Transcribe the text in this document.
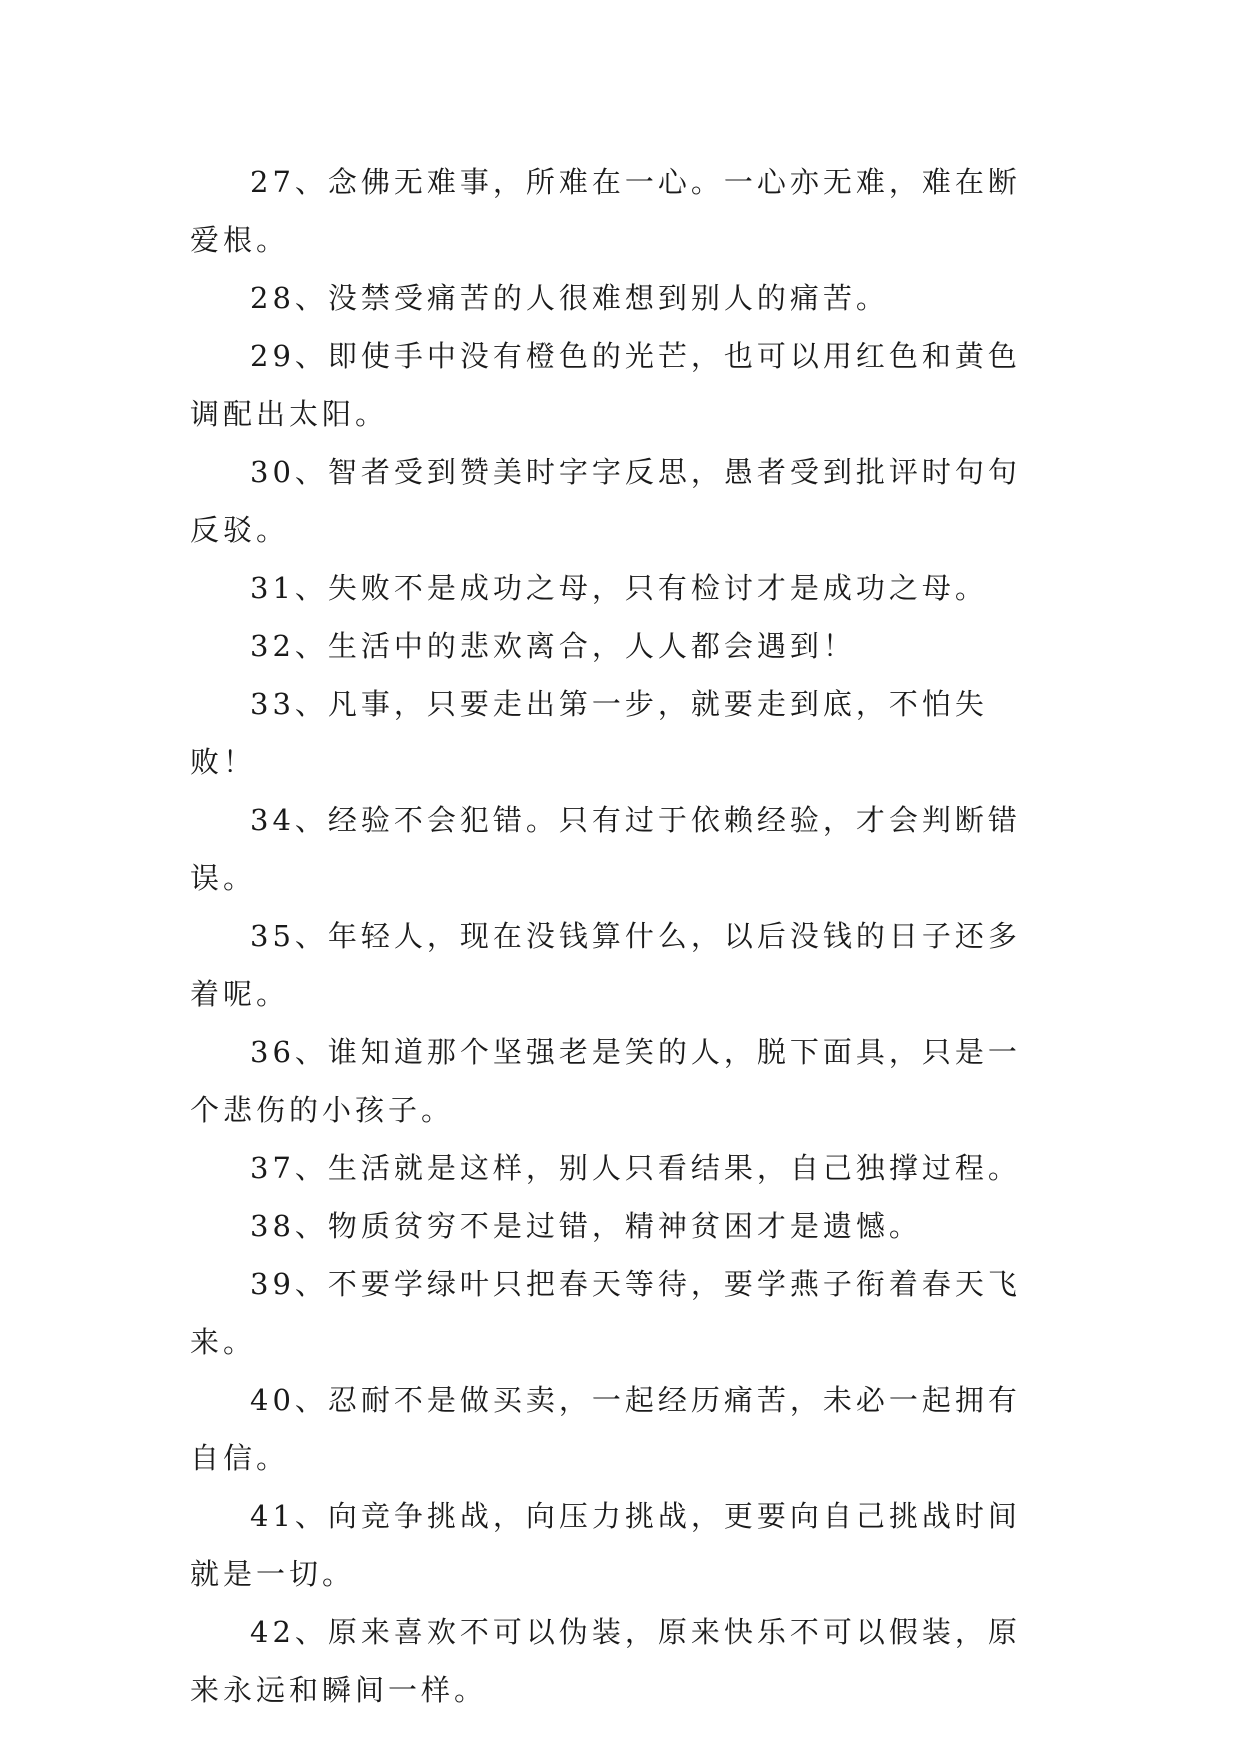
27、念佛无难事，所难在一心。一心亦无难，难在断爱根。

28、没禁受痛苦的人很难想到别人的痛苦。

29、即使手中没有橙色的光芒，也可以用红色和黄色调配出太阳。

30、智者受到赞美时字字反思，愚者受到批评时句句反驳。

31、失败不是成功之母，只有检讨才是成功之母。

32、生活中的悲欢离合，人人都会遇到！

33、凡事，只要走出第一步，就要走到底，不怕失败！

34、经验不会犯错。只有过于依赖经验，才会判断错误。

35、年轻人，现在没钱算什么，以后没钱的日子还多着呢。

36、谁知道那个坚强老是笑的人，脱下面具，只是一个悲伤的小孩子。

37、生活就是这样，别人只看结果，自己独撑过程。

38、物质贫穷不是过错，精神贫困才是遗憾。

39、不要学绿叶只把春天等待，要学燕子衔着春天飞来。

40、忍耐不是做买卖，一起经历痛苦，未必一起拥有自信。

41、向竞争挑战，向压力挑战，更要向自己挑战时间就是一切。

42、原来喜欢不可以伪装，原来快乐不可以假装，原来永远和瞬间一样。
